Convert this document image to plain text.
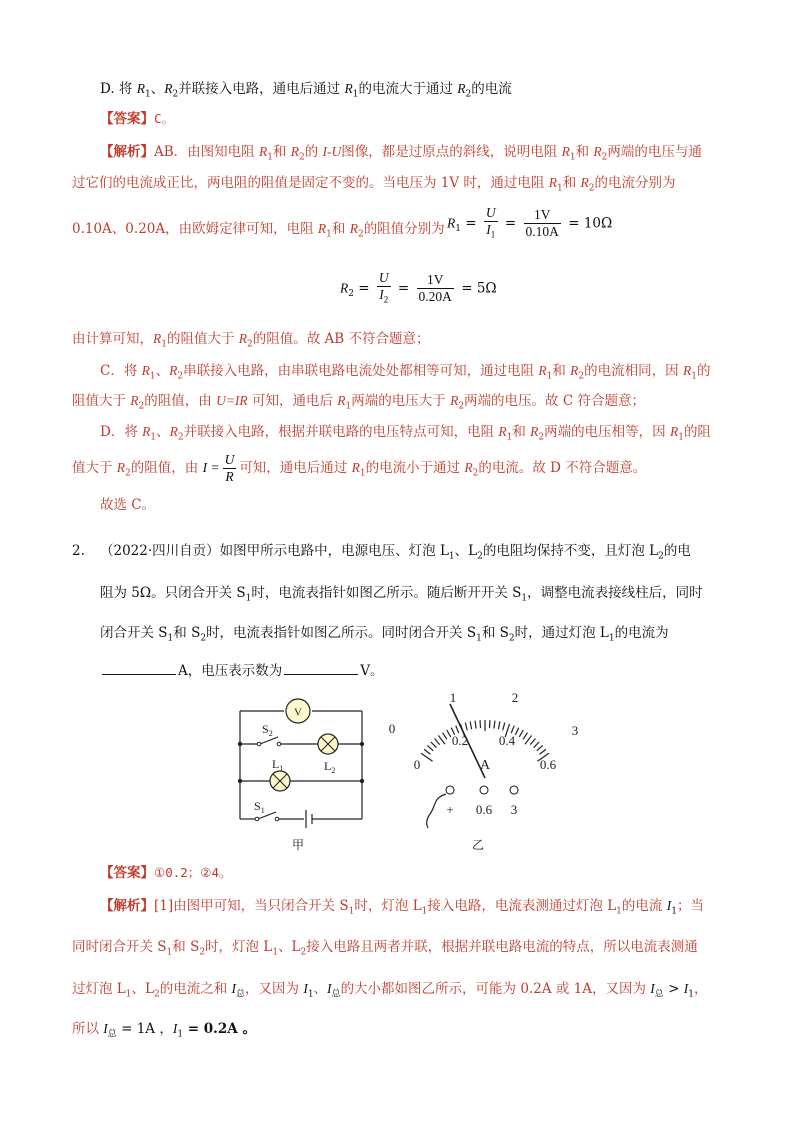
D. 将 $R_1$、$R_2$并联接入电路，通电后通过 $R_1$的电流大于通过 $R_2$的电流
【答案】C。
【解析】AB．由图知电阻 $R_1$和 $R_2$的 I-U图像，都是过原点的斜线，说明电阻 $R_1$和 $R_2$两端的电压与通
过它们的电流成正比，两电阻的阻值是固定不变的。当电压为 1V 时，通过电阻 $R_1$和 $R_2$的电流分别为
0.10A、0.20A，由欧姆定律可知，电阻 $R_1$和 $R_2$的阻值分别为 $R_1 = \frac{U}{I_1} = \frac{1V}{0.10A} = 10\Omega$
$R_2 = \frac{U}{I_2} = \frac{1V}{0.20A} = 5\Omega$
由计算可知，$R_1$的阻值大于 $R_2$的阻值。故 AB 不符合题意；
C．将 $R_1$、$R_2$串联接入电路，由串联电路电流处处都相等可知，通过电阻 $R_1$和 $R_2$的电流相同，因 $R_1$的
阻值大于 $R_2$的阻值，由 U=IR 可知，通电后 $R_1$两端的电压大于 $R_2$两端的电压。故 C 符合题意；
D．将 $R_1$、$R_2$并联接入电路，根据并联电路的电压特点可知，电阻 $R_1$和 $R_2$两端的电压相等，因 $R_1$的阻
值大于 $R_2$的阻值，由 $I = \frac{U}{R}$ 可知，通电后通过 $R_1$的电流小于通过 $R_2$的电流。故 D 不符合题意。
故选 C。
2. （2022·四川自贡）如图甲所示电路中，电源电压、灯泡 $L_1$、$L_2$的电阻均保持不变，且灯泡 $L_2$的电
阻为 5Ω。只闭合开关 $S_1$时，电流表指针如图乙所示。随后断开开关 $S_1$，调整电流表接线柱后，同时
闭合开关 $S_1$和 $S_2$时，电流表指针如图乙所示。同时闭合开关 $S_1$和 $S_2$时，通过灯泡 $L_1$的电流为
A，电压表示数为	V。
V
$S_2$
$L_1$	$L_2$
$S_1$
甲
0
1	2
3
0
0.2 0.4
0.6
A
+ 0.6 3
乙
【答案】①0.2；②4。
【解析】[1]由图甲可知，当只闭合开关 $S_1$时，灯泡 $L_1$接入电路，电流表测通过灯泡 $L_1$的电流 $I_1$；当
同时闭合开关 $S_1$和 $S_2$时，灯泡 $L_1$、$L_2$接入电路且两者并联，根据并联电路电流的特点，所以电流表测通
过灯泡 $L_1$、$L_2$的电流之和 $I_总$，又因为 $I_1$、$I_总$的大小都如图乙所示，可能为 0.2A 或 1A，又因为 $I_总 > I_1$，
所以 $I_总 = 1A$ ，$I_1 = 0.2A$ 。
